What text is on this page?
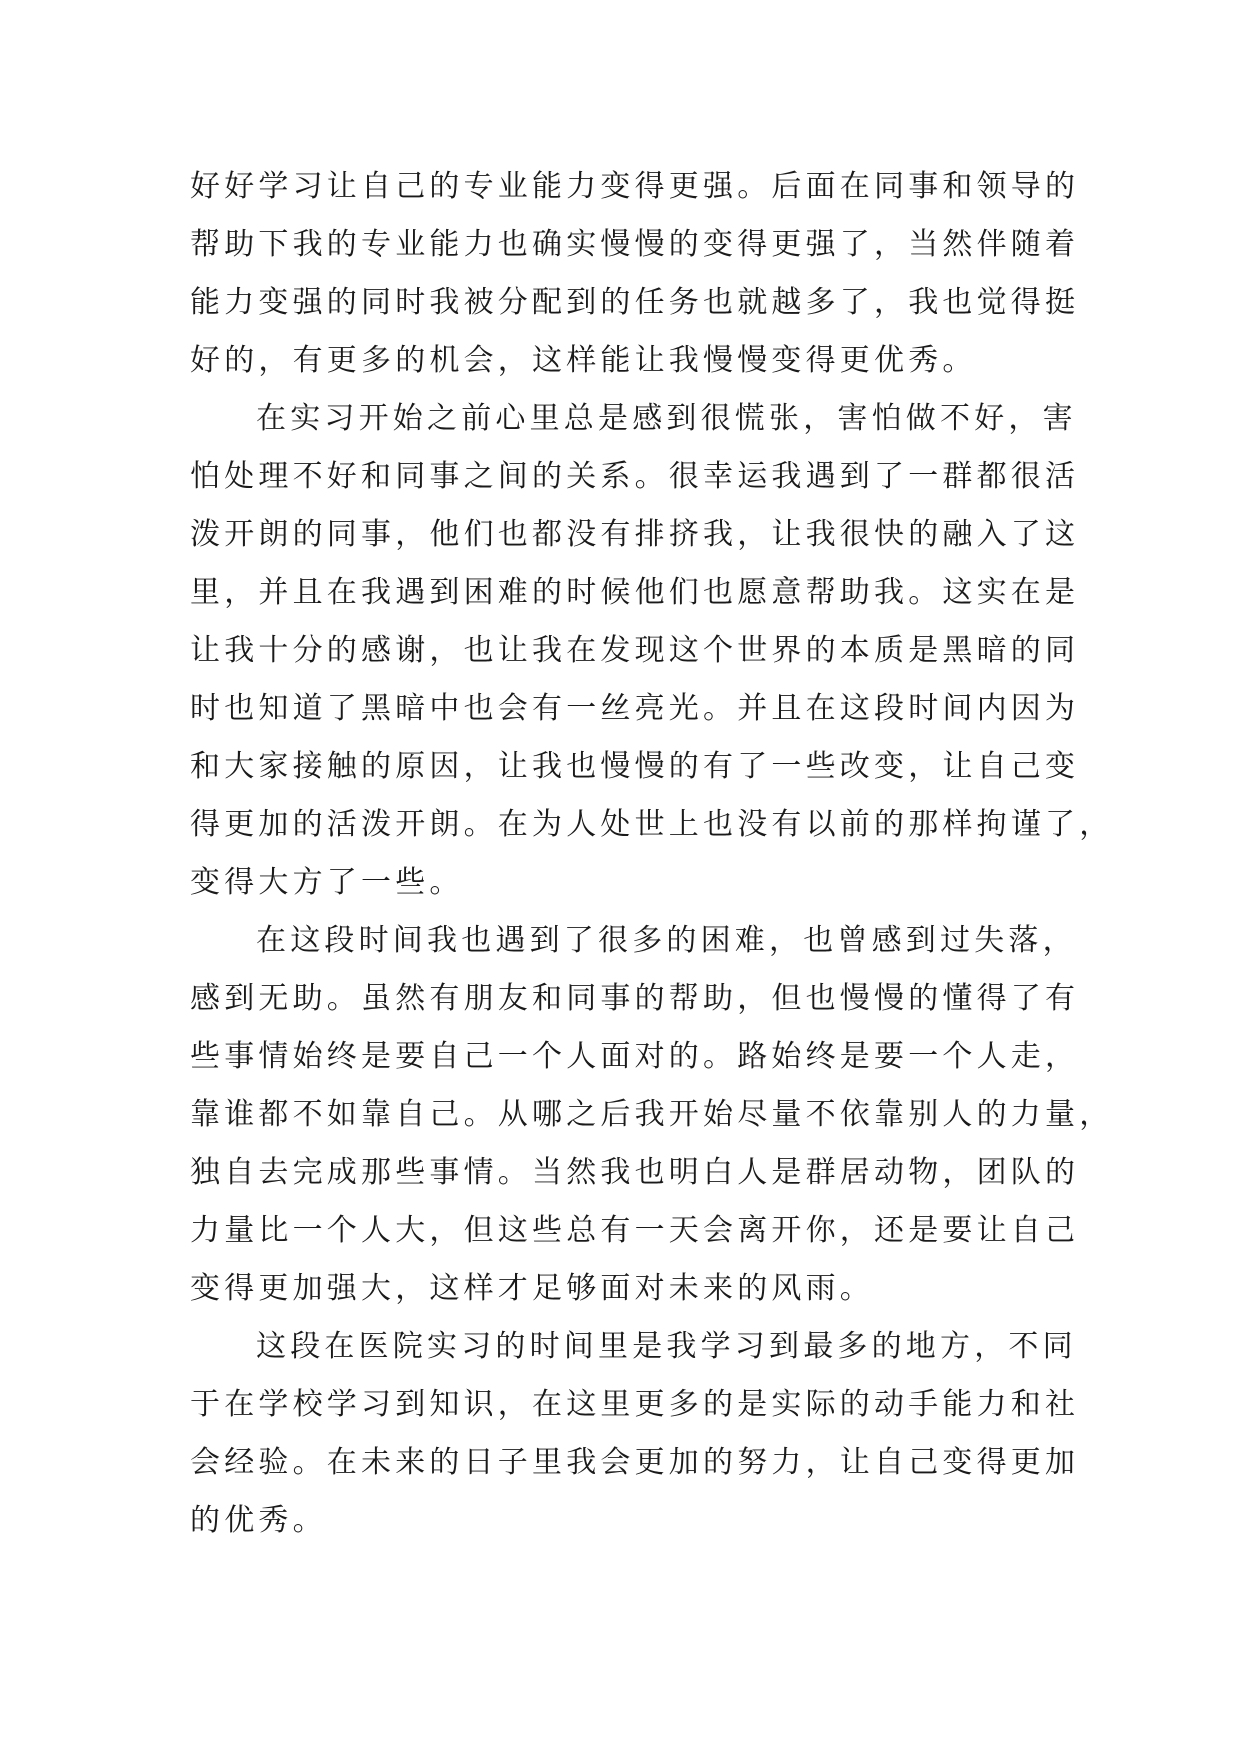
好好学习让自己的专业能力变得更强。后面在同事和领导的
帮助下我的专业能力也确实慢慢的变得更强了，当然伴随着
能力变强的同时我被分配到的任务也就越多了，我也觉得挺
好的，有更多的机会，这样能让我慢慢变得更优秀。
在实习开始之前心里总是感到很慌张，害怕做不好，害
怕处理不好和同事之间的关系。很幸运我遇到了一群都很活
泼开朗的同事，他们也都没有排挤我，让我很快的融入了这
里，并且在我遇到困难的时候他们也愿意帮助我。这实在是
让我十分的感谢，也让我在发现这个世界的本质是黑暗的同
时也知道了黑暗中也会有一丝亮光。并且在这段时间内因为
和大家接触的原因，让我也慢慢的有了一些改变，让自己变
得更加的活泼开朗。在为人处世上也没有以前的那样拘谨了，
变得大方了一些。
在这段时间我也遇到了很多的困难，也曾感到过失落，
感到无助。虽然有朋友和同事的帮助，但也慢慢的懂得了有
些事情始终是要自己一个人面对的。路始终是要一个人走，
靠谁都不如靠自己。从哪之后我开始尽量不依靠别人的力量，
独自去完成那些事情。当然我也明白人是群居动物，团队的
力量比一个人大，但这些总有一天会离开你，还是要让自己
变得更加强大，这样才足够面对未来的风雨。
这段在医院实习的时间里是我学习到最多的地方，不同
于在学校学习到知识，在这里更多的是实际的动手能力和社
会经验。在未来的日子里我会更加的努力，让自己变得更加
的优秀。
